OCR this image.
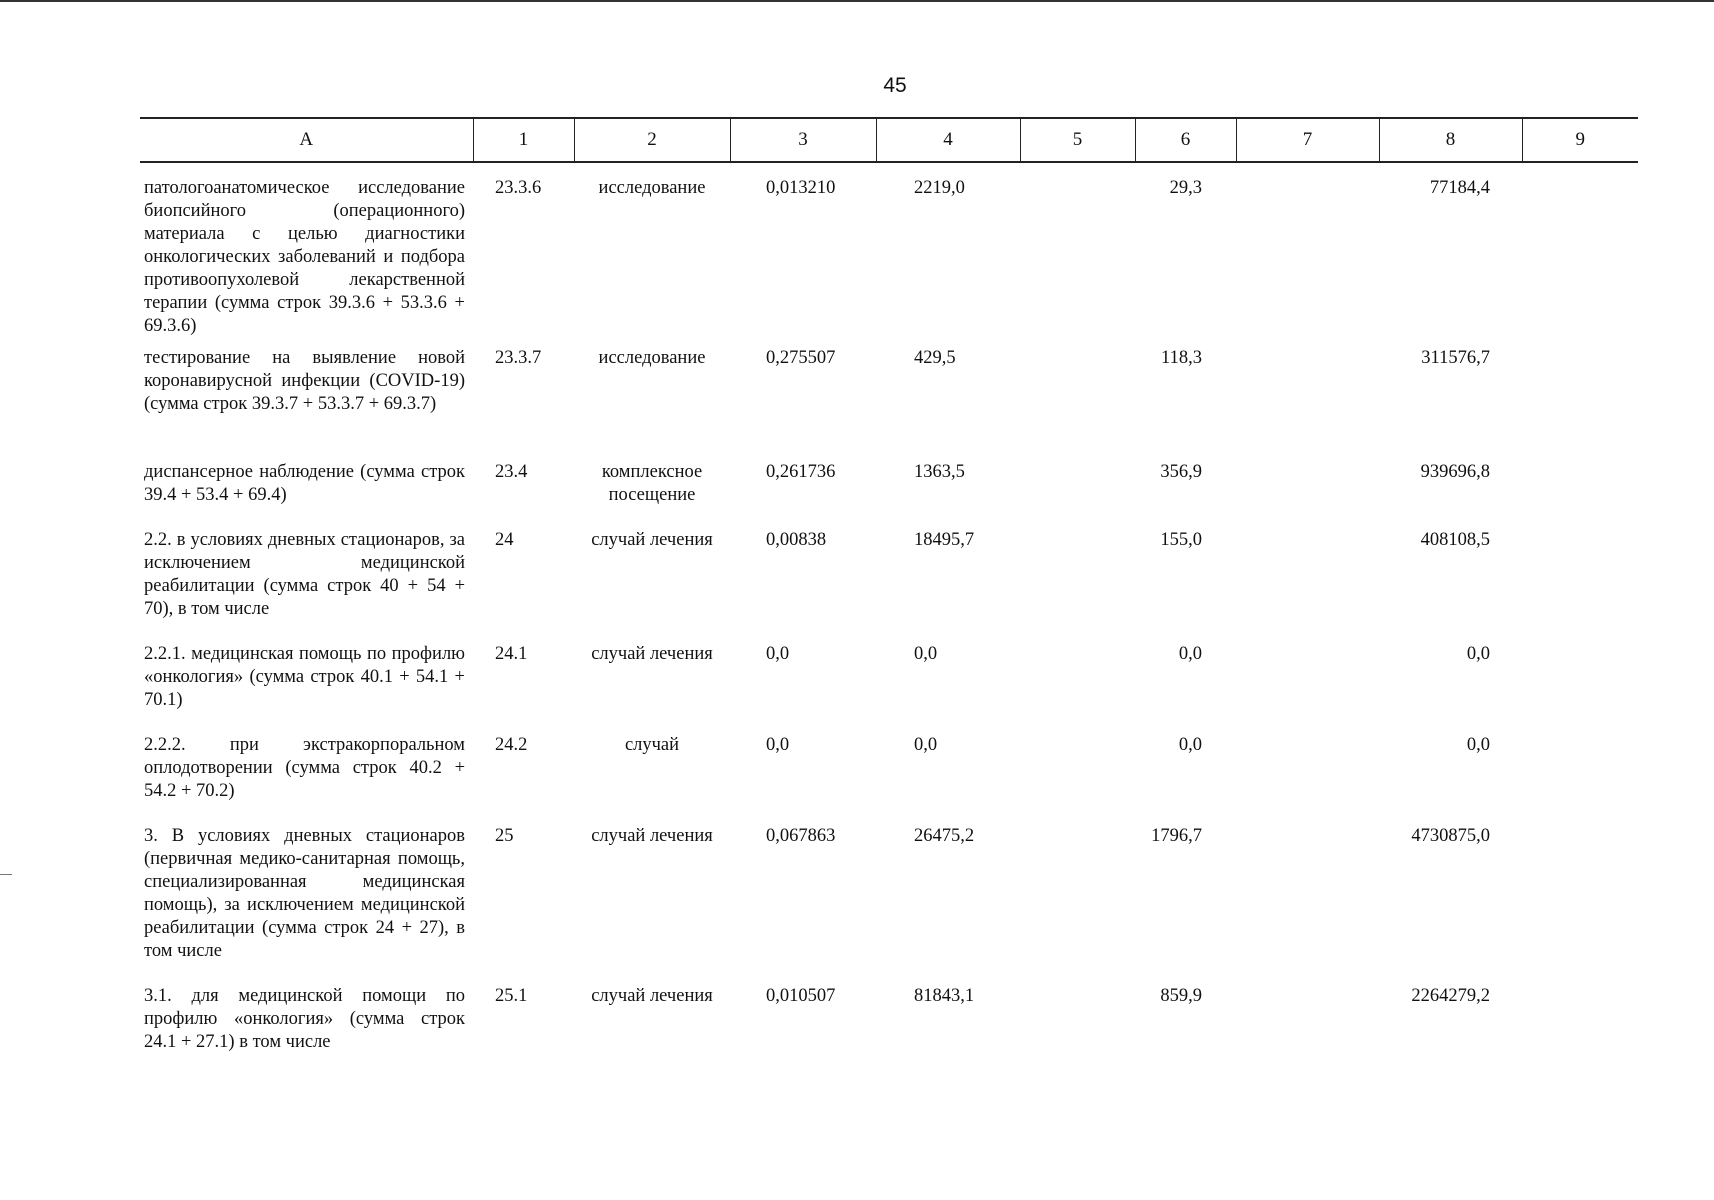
45
А	1	2	3	4	5	6	7	8	9
патологоанатомическое исследование биопсийного (операционного) материала с целью диагностики онкологических заболеваний и подбора противоопухолевой лекарственной терапии (сумма строк 39.3.6 + 53.3.6 + 69.3.6)	23.3.6	исследование	0,013210	2219,0		29,3		77184,4	
тестирование на выявление новой коронавирусной инфекции (COVID-19) (сумма строк 39.3.7 + 53.3.7 + 69.3.7)	23.3.7	исследование	0,275507	429,5		118,3		311576,7	
диспансерное наблюдение (сумма строк 39.4 + 53.4 + 69.4)	23.4	комплексное посещение	0,261736	1363,5		356,9		939696,8	
2.2. в условиях дневных стационаров, за исключением медицинской реабилитации (сумма строк 40 + 54 + 70), в том числе	24	случай лечения	0,00838	18495,7		155,0		408108,5	
2.2.1. медицинская помощь по профилю «онкология» (сумма строк 40.1 + 54.1 + 70.1)	24.1	случай лечения	0,0	0,0		0,0		0,0	
2.2.2. при экстракорпоральном оплодотворении (сумма строк 40.2 + 54.2 + 70.2)	24.2	случай	0,0	0,0		0,0		0,0	
3. В условиях дневных стационаров (первичная медико-санитарная помощь, специализированная медицинская помощь), за исключением медицинской реабилитации (сумма строк 24 + 27), в том числе	25	случай лечения	0,067863	26475,2		1796,7		4730875,0	
3.1. для медицинской помощи по профилю «онкология» (сумма строк 24.1 + 27.1) в том числе	25.1	случай лечения	0,010507	81843,1		859,9		2264279,2	
